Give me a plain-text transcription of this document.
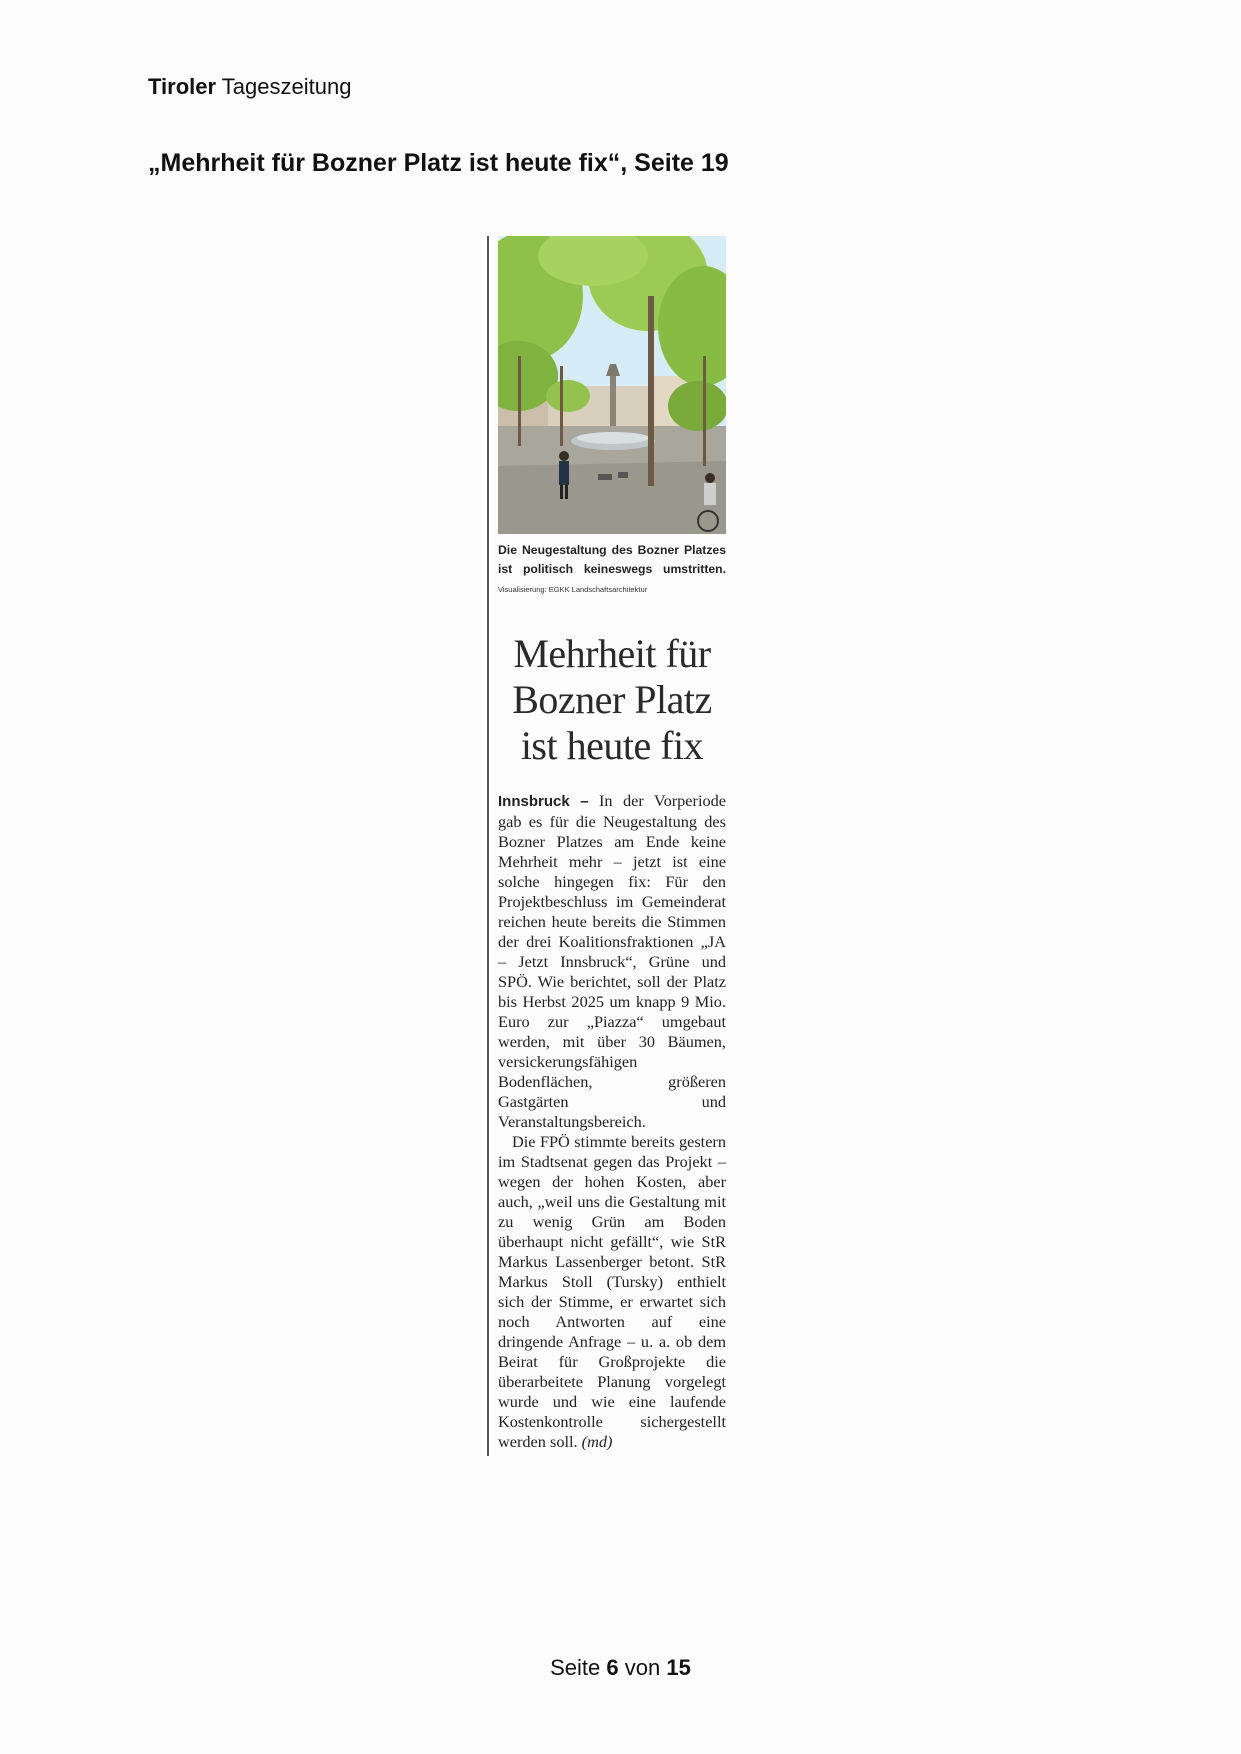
Tiroler Tageszeitung
„Mehrheit für Bozner Platz ist heute fix“, Seite 19
Die Neugestaltung des Bozner Platzes ist politisch keineswegs umstritten. Visualisierung: EGKK Landschaftsarchitektur
Mehrheit für
Bozner Platz
ist heute fix

Innsbruck – In der Vorperiode gab es für die Neugestaltung des Bozner Platzes am Ende keine Mehrheit mehr – jetzt ist eine solche hingegen fix: Für den Projektbeschluss im Gemeinderat reichen heute bereits die Stimmen der drei Koalitionsfraktionen „JA – Jetzt Innsbruck“, Grüne und SPÖ. Wie berichtet, soll der Platz bis Herbst 2025 um knapp 9 Mio. Euro zur „Piazza“ umgebaut werden, mit über 30 Bäumen, versickerungsfähigen Bodenflächen, größeren Gastgärten und Veranstaltungsbereich.

Die FPÖ stimmte bereits gestern im Stadtsenat gegen das Projekt – wegen der hohen Kosten, aber auch, „weil uns die Gestaltung mit zu wenig Grün am Boden überhaupt nicht gefällt“, wie StR Markus Lassenberger betont. StR Markus Stoll (Tursky) enthielt sich der Stimme, er erwartet sich noch Antworten auf eine dringende Anfrage – u. a. ob dem Beirat für Großprojekte die überarbeitete Planung vorgelegt wurde und wie eine laufende Kostenkontrolle sichergestellt werden soll. (md)

Seite 6 von 15
